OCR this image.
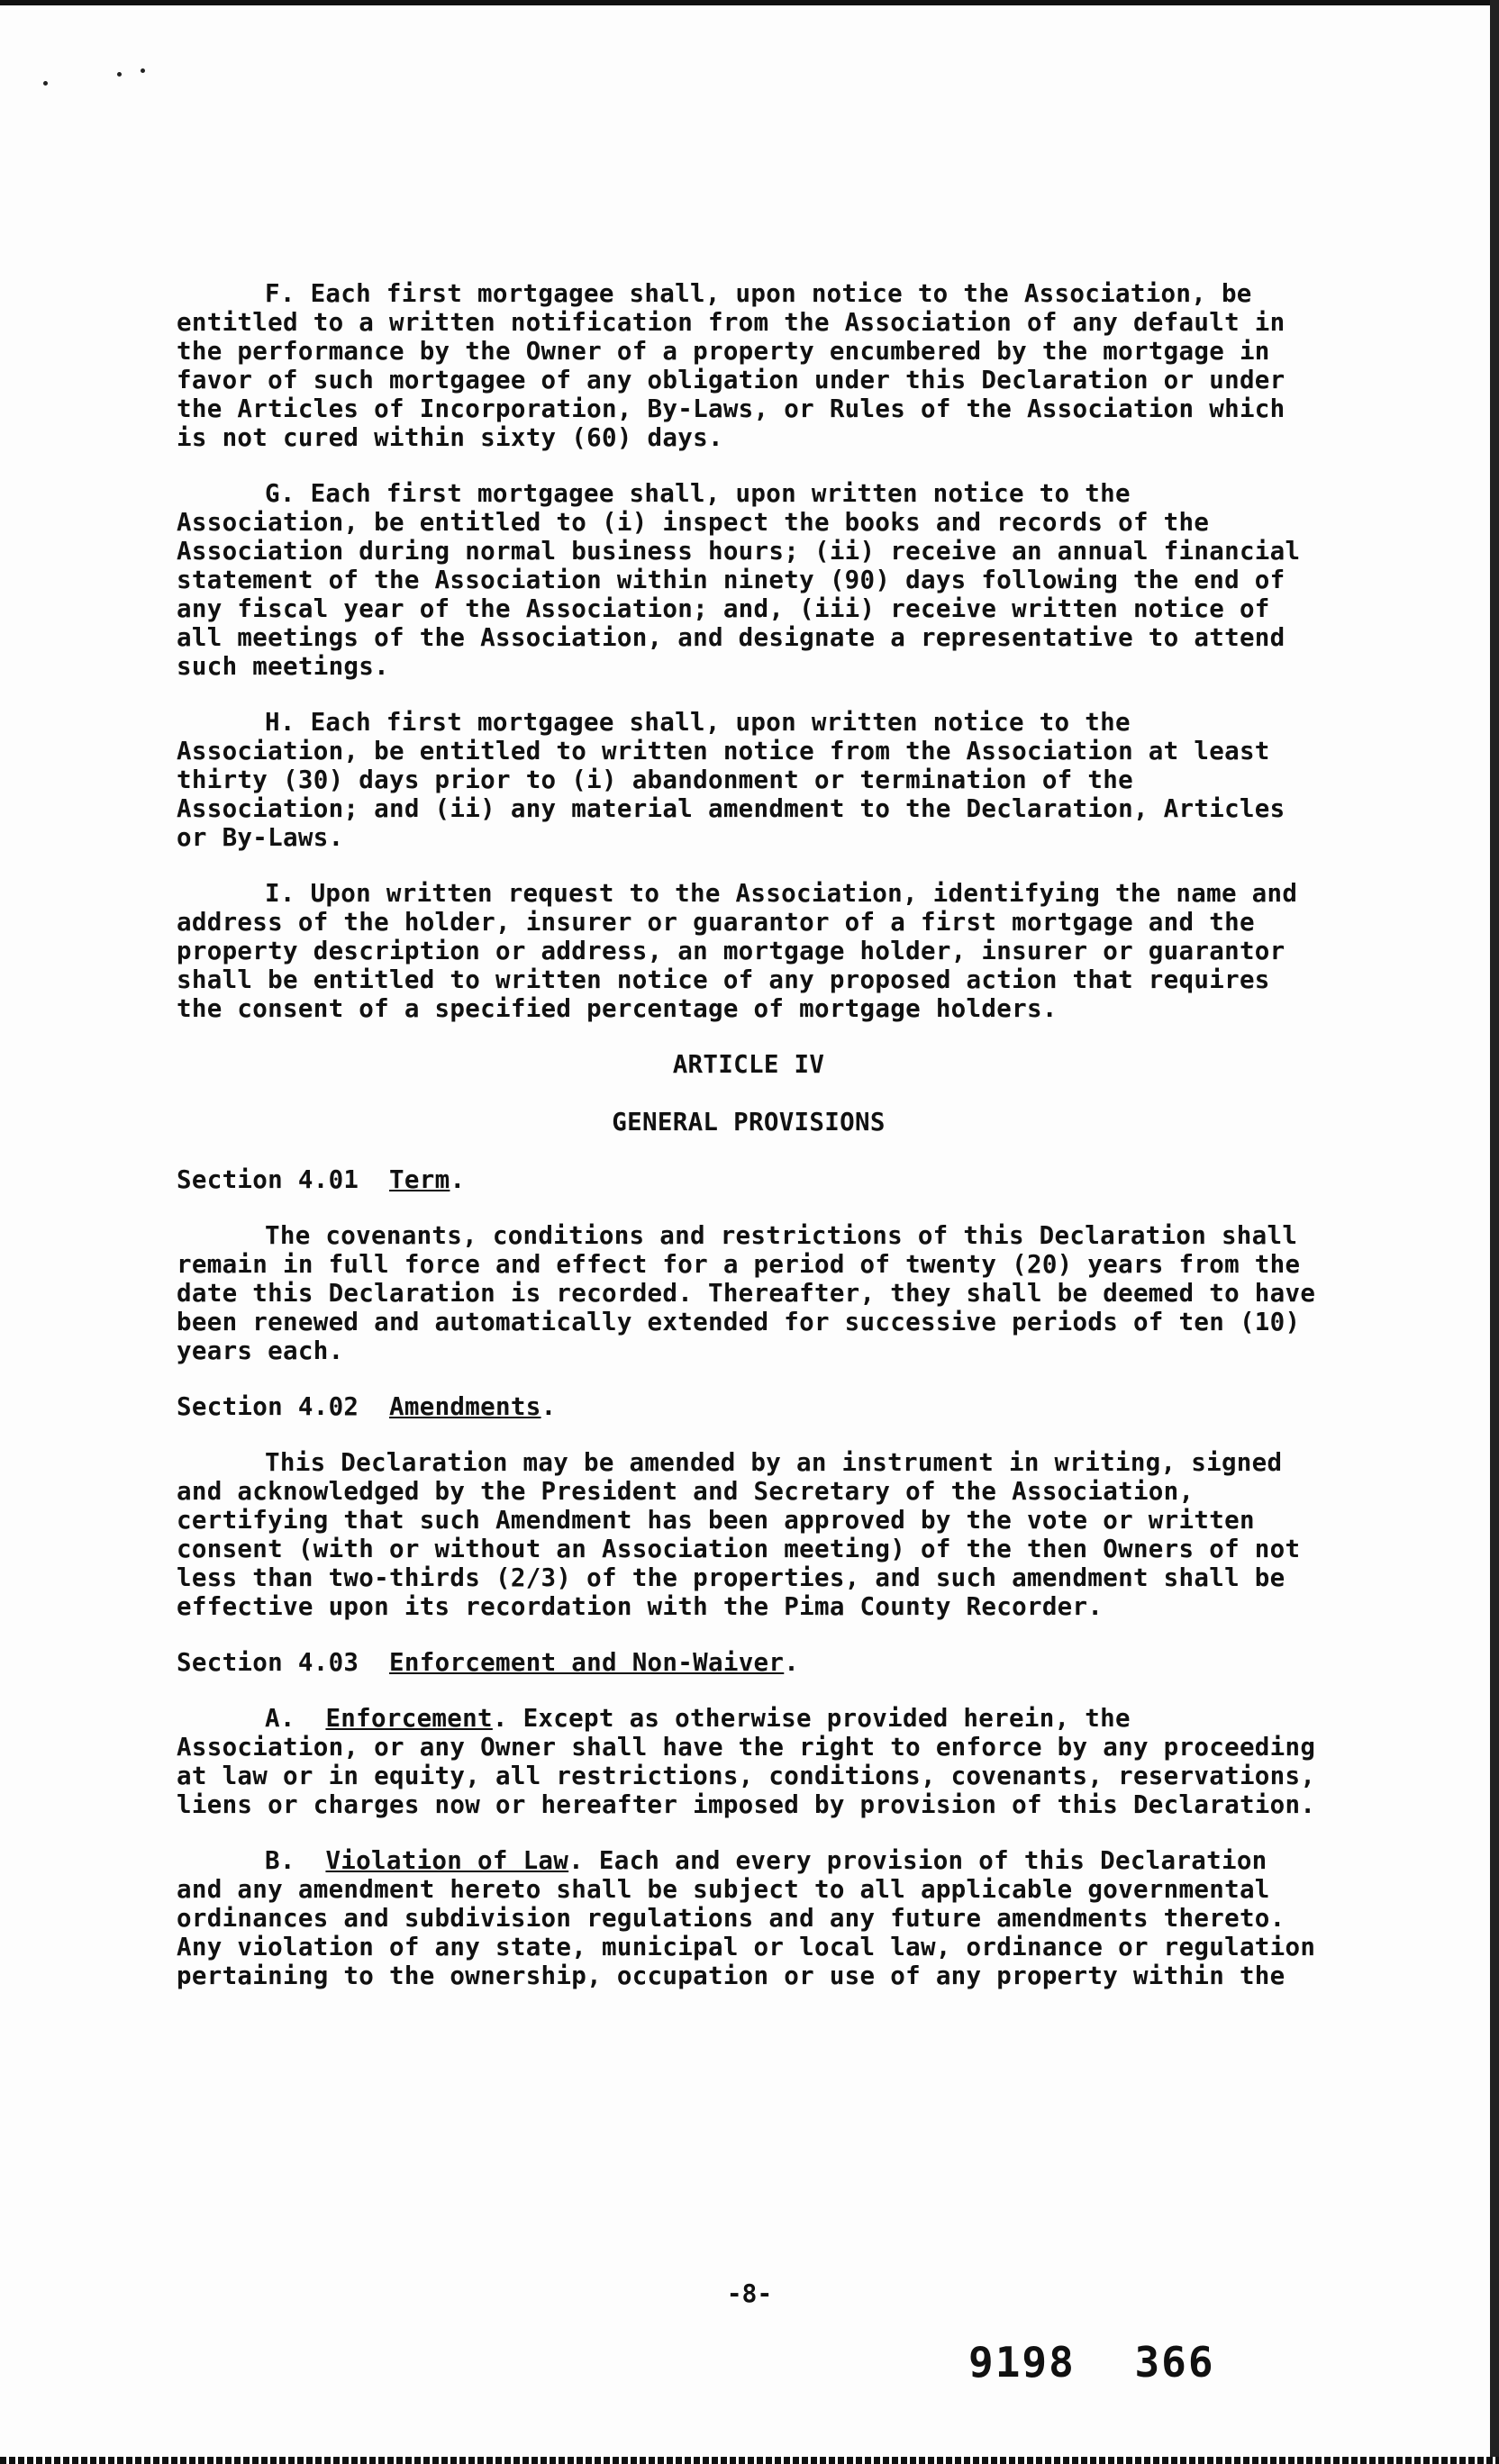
F. Each first mortgagee shall, upon notice to the Association, be entitled to a written notification from the Association of any default in the performance by the Owner of a property encumbered by the mortgage in favor of such mortgagee of any obligation under this Declaration or under the Articles of Incorporation, By-Laws, or Rules of the Association which is not cured within sixty (60) days.

G. Each first mortgagee shall, upon written notice to the Association, be entitled to (i) inspect the books and records of the Association during normal business hours; (ii) receive an annual financial statement of the Association within ninety (90) days following the end of any fiscal year of the Association; and, (iii) receive written notice of all meetings of the Association, and designate a representative to attend such meetings.

H. Each first mortgagee shall, upon written notice to the Association, be entitled to written notice from the Association at least thirty (30) days prior to (i) abandonment or termination of the Association; and (ii) any material amendment to the Declaration, Articles or By-Laws.

I. Upon written request to the Association, identifying the name and address of the holder, insurer or guarantor of a first mortgage and the property description or address, an mortgage holder, insurer or guarantor shall be entitled to written notice of any proposed action that requires the consent of a specified percentage of mortgage holders.

ARTICLE IV
GENERAL PROVISIONS
Section 4.01 Term.

The covenants, conditions and restrictions of this Declaration shall remain in full force and effect for a period of twenty (20) years from the date this Declaration is recorded. Thereafter, they shall be deemed to have been renewed and automatically extended for successive periods of ten (10) years each.

Section 4.02 Amendments.

This Declaration may be amended by an instrument in writing, signed and acknowledged by the President and Secretary of the Association, certifying that such Amendment has been approved by the vote or written consent (with or without an Association meeting) of the then Owners of not less than two-thirds (2/3) of the properties, and such amendment shall be effective upon its recordation with the Pima County Recorder.

Section 4.03 Enforcement and Non-Waiver.

A. Enforcement. Except as otherwise provided herein, the Association, or any Owner shall have the right to enforce by any proceeding at law or in equity, all restrictions, conditions, covenants, reservations, liens or charges now or hereafter imposed by provision of this Declaration.

B. Violation of Law. Each and every provision of this Declaration and any amendment hereto shall be subject to all applicable governmental ordinances and subdivision regulations and any future amendments thereto. Any violation of any state, municipal or local law, ordinance or regulation pertaining to the ownership, occupation or use of any property within the

-8-
9198 366
